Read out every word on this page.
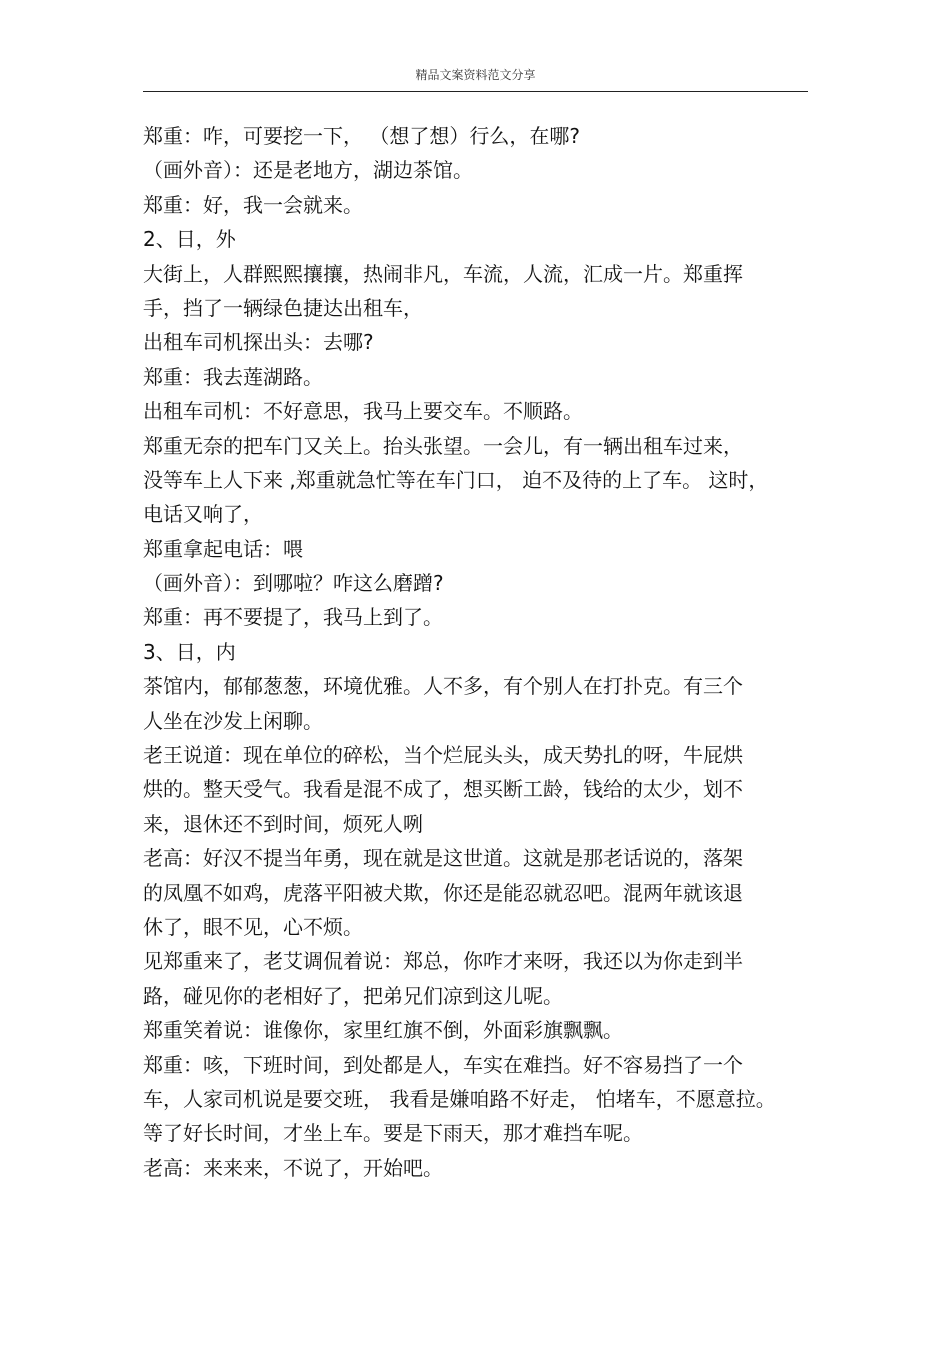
精品文案资料范文分享
郑重：咋，可要挖一下， （想了想）行么，在哪?
（画外音）：还是老地方，湖边茶馆。
郑重：好，我一会就来。
2、日，外
大街上，人群熙熙攘攘，热闹非凡，车流，人流，汇成一片。郑重挥
手，挡了一辆绿色捷达出租车，
出租车司机探出头：去哪?
郑重：我去莲湖路。
出租车司机：不好意思，我马上要交车。不顺路。
郑重无奈的把车门又关上。抬头张望。一会儿，有一辆出租车过来，
没等车上人下来 ,郑重就急忙等在车门口， 迫不及待的上了车。 这时，
电话又响了，
郑重拿起电话：喂
（画外音）：到哪啦？咋这么磨蹭?
郑重：再不要提了，我马上到了。
3、日，内
茶馆内，郁郁葱葱，环境优雅。人不多，有个别人在打扑克。有三个
人坐在沙发上闲聊。
老王说道：现在单位的碎松，当个烂屁头头，成天势扎的呀，牛屁烘
烘的。整天受气。我看是混不成了，想买断工龄，钱给的太少，划不
来，退休还不到时间，烦死人咧
老高：好汉不提当年勇，现在就是这世道。这就是那老话说的，落架
的凤凰不如鸡，虎落平阳被犬欺，你还是能忍就忍吧。混两年就该退
休了，眼不见，心不烦。
见郑重来了，老艾调侃着说：郑总，你咋才来呀，我还以为你走到半
路，碰见你的老相好了，把弟兄们凉到这儿呢。
郑重笑着说：谁像你，家里红旗不倒，外面彩旗飘飘。
郑重：咳，下班时间，到处都是人，车实在难挡。好不容易挡了一个
车，人家司机说是要交班， 我看是嫌咱路不好走， 怕堵车，不愿意拉。
等了好长时间，才坐上车。要是下雨天，那才难挡车呢。
老高：来来来，不说了，开始吧。
